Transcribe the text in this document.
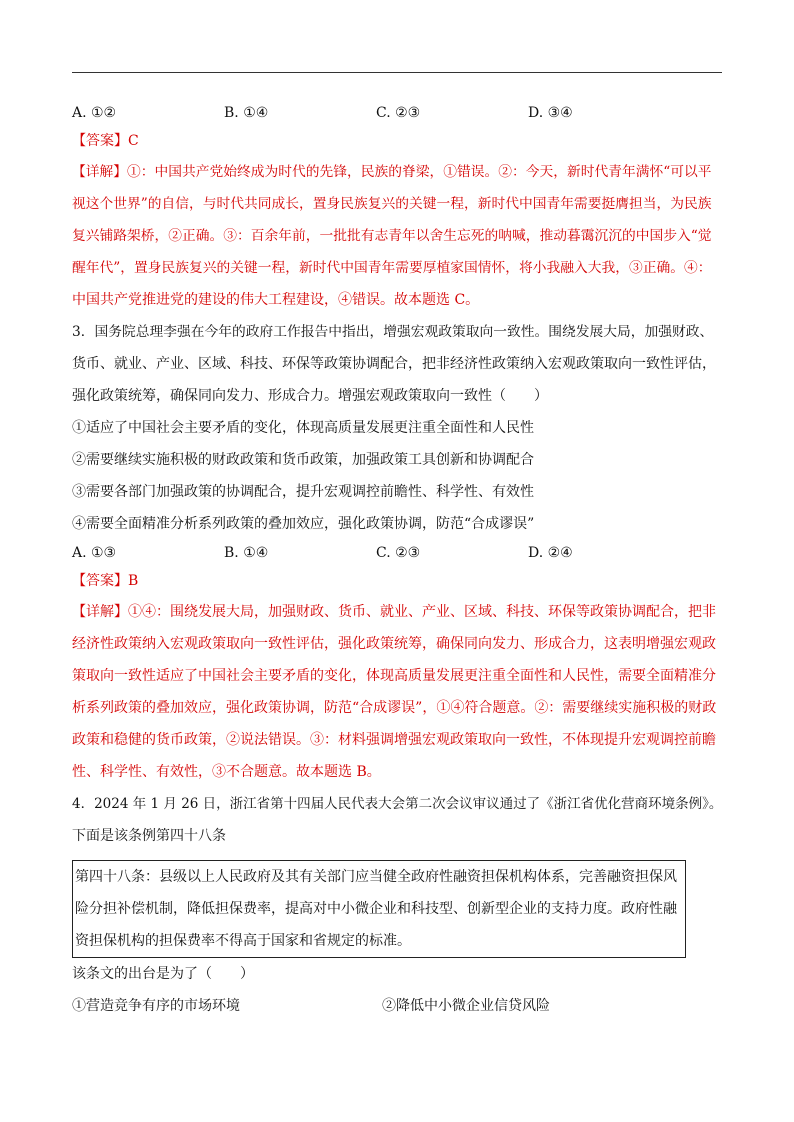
A. ①②	B. ①④	C. ②③	D. ③④
【答案】C
【详解】①：中国共产党始终成为时代的先锋，民族的脊梁，①错误。②：今天，新时代青年满怀“可以平
视这个世界”的自信，与时代共同成长，置身民族复兴的关键一程，新时代中国青年需要挺膺担当，为民族
复兴铺路架桥，②正确。③：百余年前，一批批有志青年以舍生忘死的呐喊，推动暮霭沉沉的中国步入“觉
醒年代”，置身民族复兴的关键一程，新时代中国青年需要厚植家国情怀，将小我融入大我，③正确。④：
中国共产党推进党的建设的伟大工程建设，④错误。故本题选 C。
3．国务院总理李强在今年的政府工作报告中指出，增强宏观政策取向一致性。围绕发展大局，加强财政、
货币、就业、产业、区域、科技、环保等政策协调配合，把非经济性政策纳入宏观政策取向一致性评估，
强化政策统筹，确保同向发力、形成合力。增强宏观政策取向一致性（　　）
①适应了中国社会主要矛盾的变化，体现高质量发展更注重全面性和人民性
②需要继续实施积极的财政政策和货币政策，加强政策工具创新和协调配合
③需要各部门加强政策的协调配合，提升宏观调控前瞻性、科学性、有效性
④需要全面精准分析系列政策的叠加效应，强化政策协调，防范“合成谬误”
A. ①③	B. ①④	C. ②③	D. ②④
【答案】B
【详解】①④：围绕发展大局，加强财政、货币、就业、产业、区域、科技、环保等政策协调配合，把非
经济性政策纳入宏观政策取向一致性评估，强化政策统筹，确保同向发力、形成合力，这表明增强宏观政
策取向一致性适应了中国社会主要矛盾的变化，体现高质量发展更注重全面性和人民性，需要全面精准分
析系列政策的叠加效应，强化政策协调，防范“合成谬误”，①④符合题意。②：需要继续实施积极的财政
政策和稳健的货币政策，②说法错误。③：材料强调增强宏观政策取向一致性，不体现提升宏观调控前瞻
性、科学性、有效性，③不合题意。故本题选 B。
4．2024 年 1 月 26 日，浙江省第十四届人民代表大会第二次会议审议通过了《浙江省优化营商环境条例》。
下面是该条例第四十八条
第四十八条：县级以上人民政府及其有关部门应当健全政府性融资担保机构体系，完善融资担保风
险分担补偿机制，降低担保费率，提高对中小微企业和科技型、创新型企业的支持力度。政府性融
资担保机构的担保费率不得高于国家和省规定的标准。
该条文的出台是为了（　　）
①营造竞争有序的市场环境	②降低中小微企业信贷风险
